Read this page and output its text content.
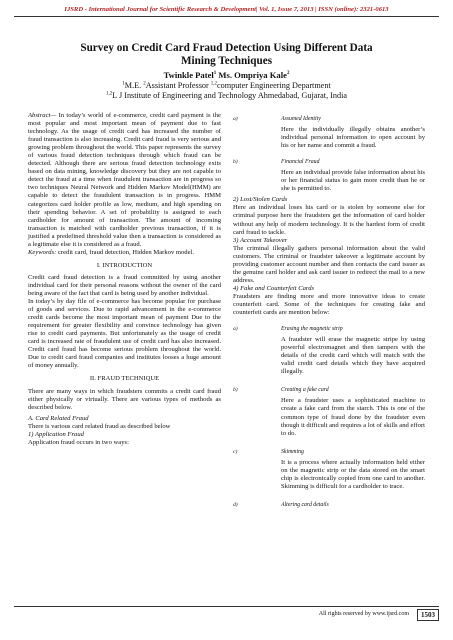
IJSRD - International Journal for Scientific Research & Development| Vol. 1, Issue 7, 2013 | ISSN (online): 2321-0613
Survey on Credit Card Fraud Detection Using Different Data
Mining Techniques
Twinkle Patel$^1$ Ms. Ompriya Kale$^2$
$^1$M.E. $^2$Assistant Professor $^{1,2}$computer Engineering Department
$^{1,2}$L J Institute of Engineering and Technology Ahmedabad, Gujarat, India

Abstract— In today’s world of e-commerce, credit card payment is the most popular and most important mean of payment due to fast technology. As the usage of credit card has increased the number of fraud transaction is also increasing. Credit card fraud is very serious and growing problem throughout the world. This paper represents the survey of various fraud detection techniques through which fraud can be detected. Although there are serious fraud detection technology exits based on data mining, knowledge discovery but they are not capable to detect the fraud at a time when fraudulent transaction are in progress so two techniques Neural Network and Hidden Markov Model(HMM) are capable to detect the fraudulent transaction is in progress. HMM categorizes card holder profile as low, medium, and high spending on their spending behavior. A set of probability is assigned to each cardholder for amount of transaction. The amount of incoming transaction is matched with cardholder previous transaction, if it is justified a predefined threshold value then a transaction is considered as a legitimate else it is considered as a fraud.

Keywords: credit card, fraud detection, Hidden Markov model.

I. INTRODUCTION

Credit card fraud detection is a fraud committed by using another individual card for their personal reasons without the owner of the card being aware of the fact that card is being used by another individual.

In today’s by day file of e-commerce has become popular for purchase of goods and services. Due to rapid advancement in the e-commerce credit cards become the most important mean of payment Due to the requirement for greater flexibility and convince technology has given rise to credit card payments. But unfortunately as the usage of credit card is increased rate of fraudulent use of credit card has also increased. Credit card fraud has become serious problem throughout the world. Due to credit card fraud companies and institutes looses a huge amount of money annually.

II. FRAUD TECHNIQUE

There are many ways in which fraudsters commits a credit card fraud either physically or virtually. There are various types of methods as described below.

A. Card Related Fraud

There is various card related fraud as described below

1) Application Fraud

Application fraud occurs in two ways:

a)	Assumed Identity
Here the individually illegally obtains another’s individual personal information to open account by his or her name and commit a fraud.
b)	Financial Fraud
Here an individual provide false information about his or her financial status to gain more credit than he or she is permitted to.
2) Lost/Stolen Cards

Here an individual loses his card or is stolen by someone else for criminal purpose here the fraudsters get the information of card holder without any help of modern technology. It is the hardest form of credit card fraud to tackle.

3) Account Takeover

The criminal illegally gathers personal information about the valid customers. The criminal or fraudster takeover a legitimate account by providing customer account number and then contacts the card issuer as the genuine card holder and ask card issuer to redirect the mail to a new address.

4) Fake and Counterfeit Cards

Fraudsters are finding more and more innovative ideas to create counterfeit card. Some of the techniques for creating fake and counterfeit cards are mention below:

a)	Erasing the magnetic strip
A fraudster will erase the magnetic stripe by using powerful electromagnet and then tampers with the details of the credit card which will match with the valid credit card details which they have acquired illegally.
b)	Creating a fake card
Here a fraudster uses a sophisticated machine to create a fake card from the starch. This is one of the common type of fraud done by the fraudster even though it difficult and requires a lot of skills and effort to do.
c)	Skimming
It is a process where actually information held either on the magnetic strip or the data stored on the smart chip is electronically copied from one card to another. Skimming is difficult for a cardholder to trace.
d)	Altering card details
All rights reserved by www.ijsrd.com	1503
